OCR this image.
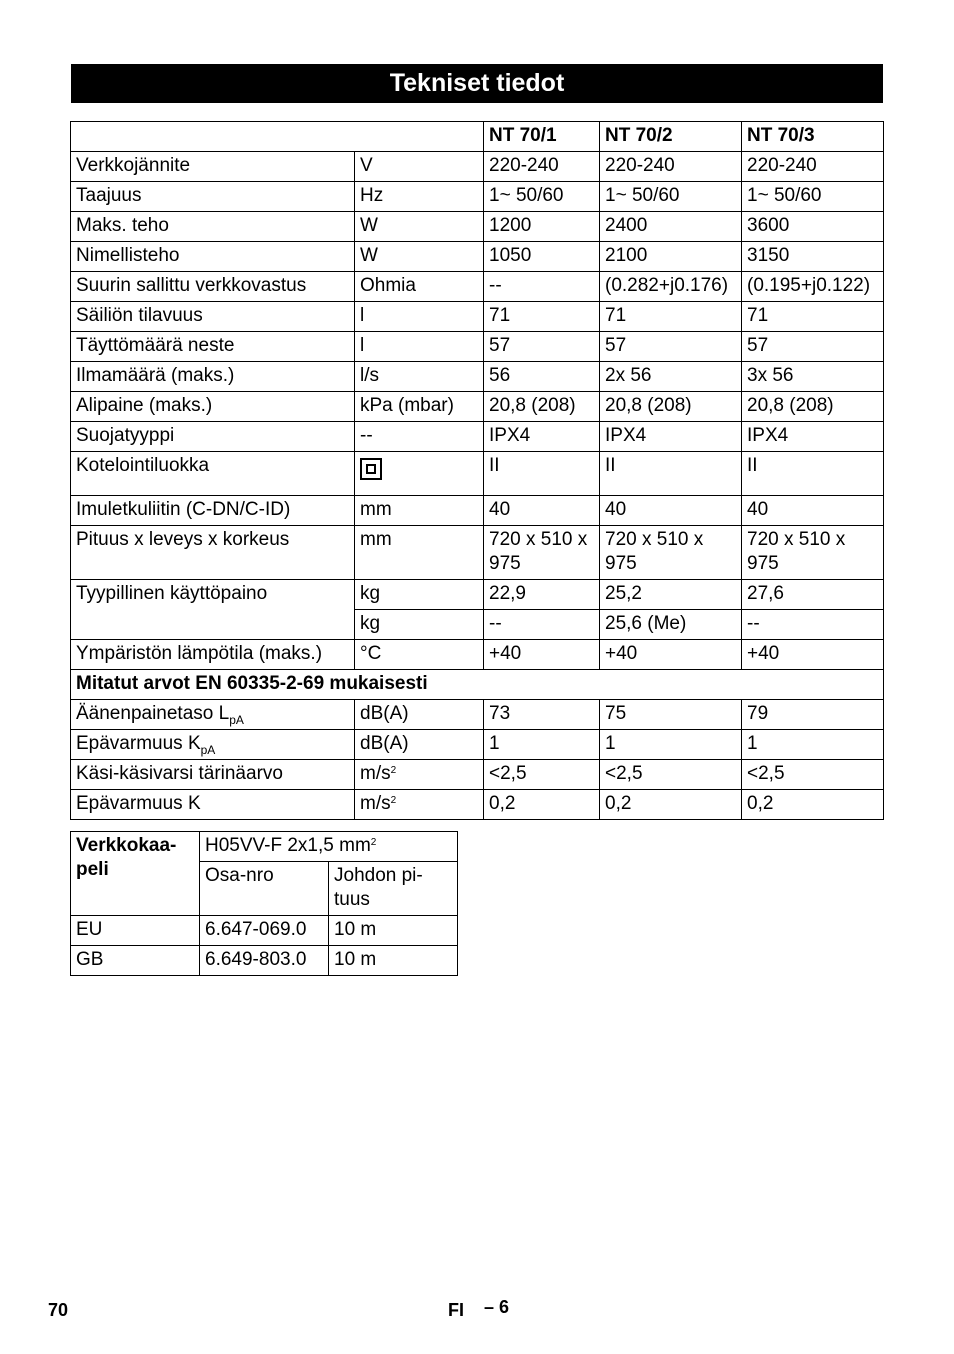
Tekniset tiedot
		NT 70/1	NT 70/2	NT 70/3
Verkkojännite	V	220-240	220-240	220-240
Taajuus	Hz	1~ 50/60	1~ 50/60	1~ 50/60
Maks. teho	W	1200	2400	3600
Nimellisteho	W	1050	2100	3150
Suurin sallittu verkkovastus	Ohmia	--	(0.282+j0.176)	(0.195+j0.122)
Säiliön tilavuus	l	71	71	71
Täyttömäärä neste	l	57	57	57
Ilmamäärä (maks.)	l/s	56	2x 56	3x 56
Alipaine (maks.)	kPa (mbar)	20,8 (208)	20,8 (208)	20,8 (208)
Suojatyyppi	--	IPX4	IPX4	IPX4
Kotelointiluokka		II	II	II
Imuletkuliitin (C-DN/C-ID)	mm	40	40	40
Pituus x leveys x korkeus	mm	720 x 510 x 975	720 x 510 x 975	720 x 510 x 975
Tyypillinen käyttöpaino	kg	22,9	25,2	27,6
	kg	--	25,6 (Me)	--
Ympäristön lämpötila (maks.)	°C	+40	+40	+40
Mitatut arvot EN 60335-2-69 mukaisesti				
Äänenpainetaso $L_{pA}$	dB(A)	73	75	79
Epävarmuus $K_{pA}$	dB(A)	1	1	1
Käsi-käsivarsi tärinäarvo	$m/s^2$	<2,5	<2,5	<2,5
Epävarmuus K	$m/s^2$	0,2	0,2	0,2
Verkkokaa-
peli	H05VV-F 2x1,5 $mm^2$
	Osa-nro	Johdon pi-
tuus
EU	6.647-069.0	10 m
GB	6.649-803.0	10 m
70	FI – 6
